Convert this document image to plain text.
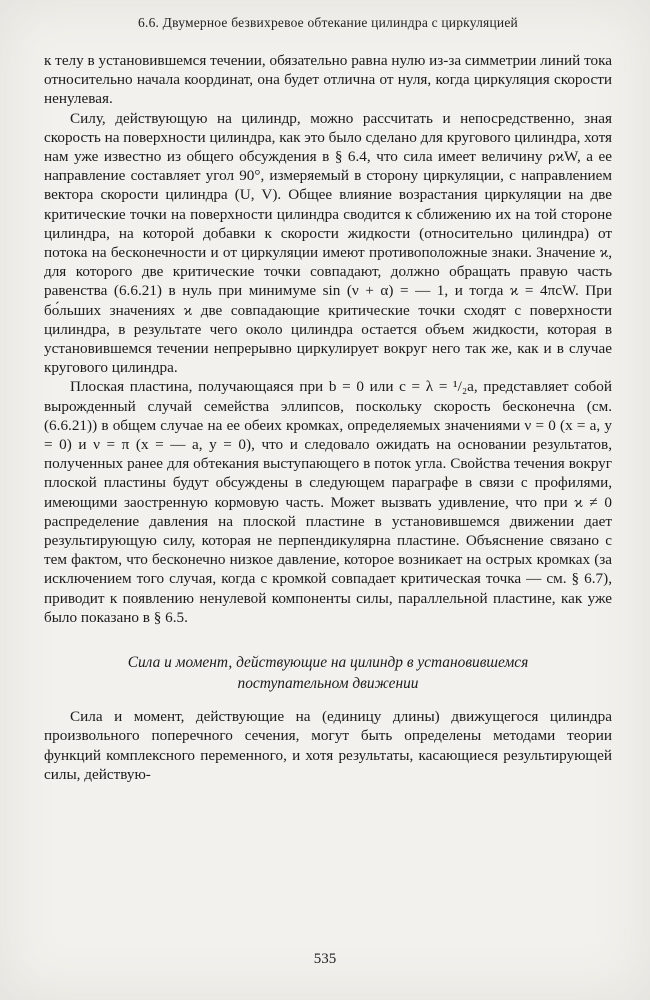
6.6. Двумерное безвихревое обтекание цилиндра с циркуляцией

к телу в установившемся течении, обязательно равна нулю из-за симметрии линий тока относительно начала координат, она будет отлична от нуля, когда циркуляция скорости ненулевая.

Силу, действующую на цилиндр, можно рассчитать и непосредственно, зная скорость на поверхности цилиндра, как это было сделано для кругового цилиндра, хотя нам уже известно из общего обсуждения в § 6.4, что сила имеет величину ρϰW, а ее направление составляет угол 90°, измеряемый в сторону циркуляции, с направлением вектора скорости цилиндра (U, V). Общее влияние возрастания циркуляции на две критические точки на поверхности цилиндра сводится к сближению их на той стороне цилиндра, на которой добавки к скорости жидкости (относительно цилиндра) от потока на бесконечности и от циркуляции имеют противоположные знаки. Значение ϰ, для которого две критические точки совпадают, должно обращать правую часть равенства (6.6.21) в нуль при минимуме sin (ν + α) = — 1, и тогда ϰ = 4πcW. При бо́льших значениях ϰ две совпадающие критические точки сходят с поверхности цилиндра, в результате чего около цилиндра остается объем жидкости, которая в установившемся течении непрерывно циркулирует вокруг него так же, как и в случае кругового цилиндра.

Плоская пластина, получающаяся при b = 0 или c = λ = ¹/₂a, представляет собой вырожденный случай семейства эллипсов, поскольку скорость бесконечна (см. (6.6.21)) в общем случае на ее обеих кромках, определяемых значениями ν = 0 (x = a, y = 0) и ν = π (x = — a, y = 0), что и следовало ожидать на основании результатов, полученных ранее для обтекания выступающего в поток угла. Свойства течения вокруг плоской пластины будут обсуждены в следующем параграфе в связи с профилями, имеющими заостренную кормовую часть. Может вызвать удивление, что при ϰ ≠ 0 распределение давления на плоской пластине в установившемся движении дает результирующую силу, которая не перпендикулярна пластине. Объяснение связано с тем фактом, что бесконечно низкое давление, которое возникает на острых кромках (за исключением того случая, когда с кромкой совпадает критическая точка — см. § 6.7), приводит к появлению ненулевой компоненты силы, параллельной пластине, как уже было показано в § 6.5.

Сила и момент, действующие на цилиндр в установившемся
поступательном движении

Сила и момент, действующие на (единицу длины) движущегося цилиндра произвольного поперечного сечения, могут быть определены методами теории функций комплексного переменного, и хотя результаты, касающиеся результирующей силы, действую-

535
